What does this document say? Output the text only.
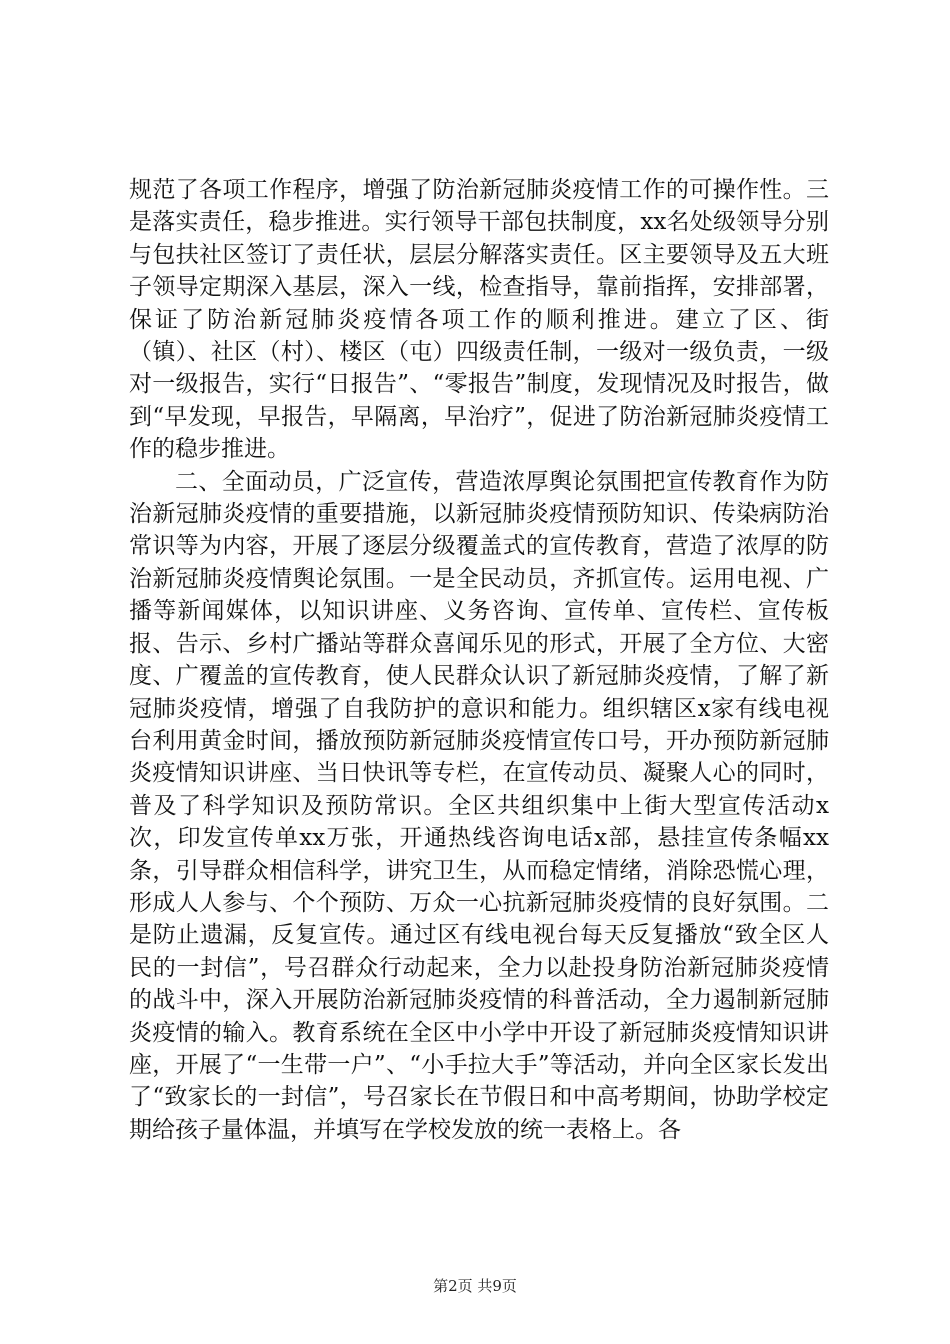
规范了各项工作程序，增强了防治新冠肺炎疫情工作的可操作性。三是落实责任，稳步推进。实行领导干部包扶制度，xx名处级领导分别与包扶社区签订了责任状，层层分解落实责任。区主要领导及五大班子领导定期深入基层，深入一线，检查指导，靠前指挥，安排部署，保证了防治新冠肺炎疫情各项工作的顺利推进。建立了区、街（镇）、社区（村）、楼区（屯）四级责任制，一级对一级负责，一级对一级报告，实行“日报告”、“零报告”制度，发现情况及时报告，做到“早发现，早报告，早隔离，早治疗”，促进了防治新冠肺炎疫情工作的稳步推进。

二、全面动员，广泛宣传，营造浓厚舆论氛围把宣传教育作为防治新冠肺炎疫情的重要措施，以新冠肺炎疫情预防知识、传染病防治常识等为内容，开展了逐层分级覆盖式的宣传教育，营造了浓厚的防治新冠肺炎疫情舆论氛围。一是全民动员，齐抓宣传。运用电视、广播等新闻媒体，以知识讲座、义务咨询、宣传单、宣传栏、宣传板报、告示、乡村广播站等群众喜闻乐见的形式，开展了全方位、大密度、广覆盖的宣传教育，使人民群众认识了新冠肺炎疫情，了解了新冠肺炎疫情，增强了自我防护的意识和能力。组织辖区x家有线电视台利用黄金时间，播放预防新冠肺炎疫情宣传口号，开办预防新冠肺炎疫情知识讲座、当日快讯等专栏，在宣传动员、凝聚人心的同时，普及了科学知识及预防常识。全区共组织集中上街大型宣传活动x次，印发宣传单xx万张，开通热线咨询电话x部，悬挂宣传条幅xx条，引导群众相信科学，讲究卫生，从而稳定情绪，消除恐慌心理，形成人人参与、个个预防、万众一心抗新冠肺炎疫情的良好氛围。二是防止遗漏，反复宣传。通过区有线电视台每天反复播放“致全区人民的一封信”，号召群众行动起来，全力以赴投身防治新冠肺炎疫情的战斗中，深入开展防治新冠肺炎疫情的科普活动，全力遏制新冠肺炎疫情的输入。教育系统在全区中小学中开设了新冠肺炎疫情知识讲座，开展了“一生带一户”、“小手拉大手”等活动，并向全区家长发出了“致家长的一封信”，号召家长在节假日和中高考期间，协助学校定期给孩子量体温，并填写在学校发放的统一表格上。各

第2页 共9页
